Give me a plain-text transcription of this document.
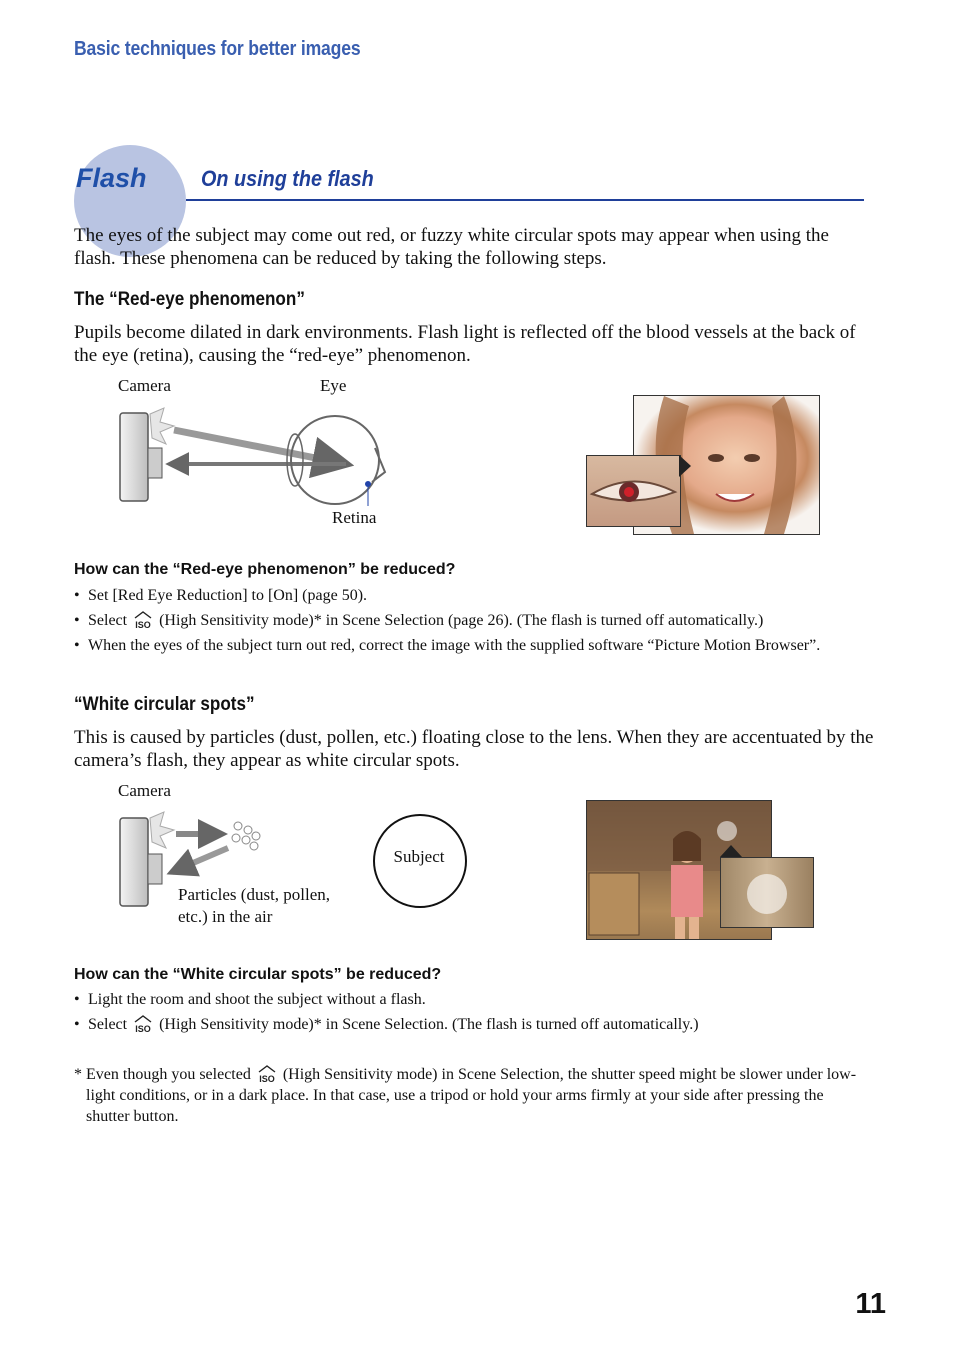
Basic techniques for better images
Flash On using the flash
The eyes of the subject may come out red, or fuzzy white circular spots may appear when using the flash. These phenomena can be reduced by taking the following steps.
The “Red-eye phenomenon”
Pupils become dilated in dark environments. Flash light is reflected off the blood vessels at the back of the eye (retina), causing the “red-eye” phenomenon.
Camera	Eye
Retina
How can the “Red-eye phenomenon” be reduced?
• Set [Red Eye Reduction] to [On] (page 50).
• Select ISO (High Sensitivity mode)* in Scene Selection (page 26). (The flash is turned off automatically.)
• When the eyes of the subject turn out red, correct the image with the supplied software “Picture Motion Browser”.
“White circular spots”
This is caused by particles (dust, pollen, etc.) floating close to the lens. When they are accentuated by the camera’s flash, they appear as white circular spots.
Camera
Particles (dust, pollen,
etc.) in the air
Subject
How can the “White circular spots” be reduced?
• Light the room and shoot the subject without a flash.
• Select ISO (High Sensitivity mode)* in Scene Selection. (The flash is turned off automatically.)
* Even though you selected ISO (High Sensitivity mode) in Scene Selection, the shutter speed might be slower under low-light conditions, or in a dark place. In that case, use a tripod or hold your arms firmly at your side after pressing the shutter button.
11
